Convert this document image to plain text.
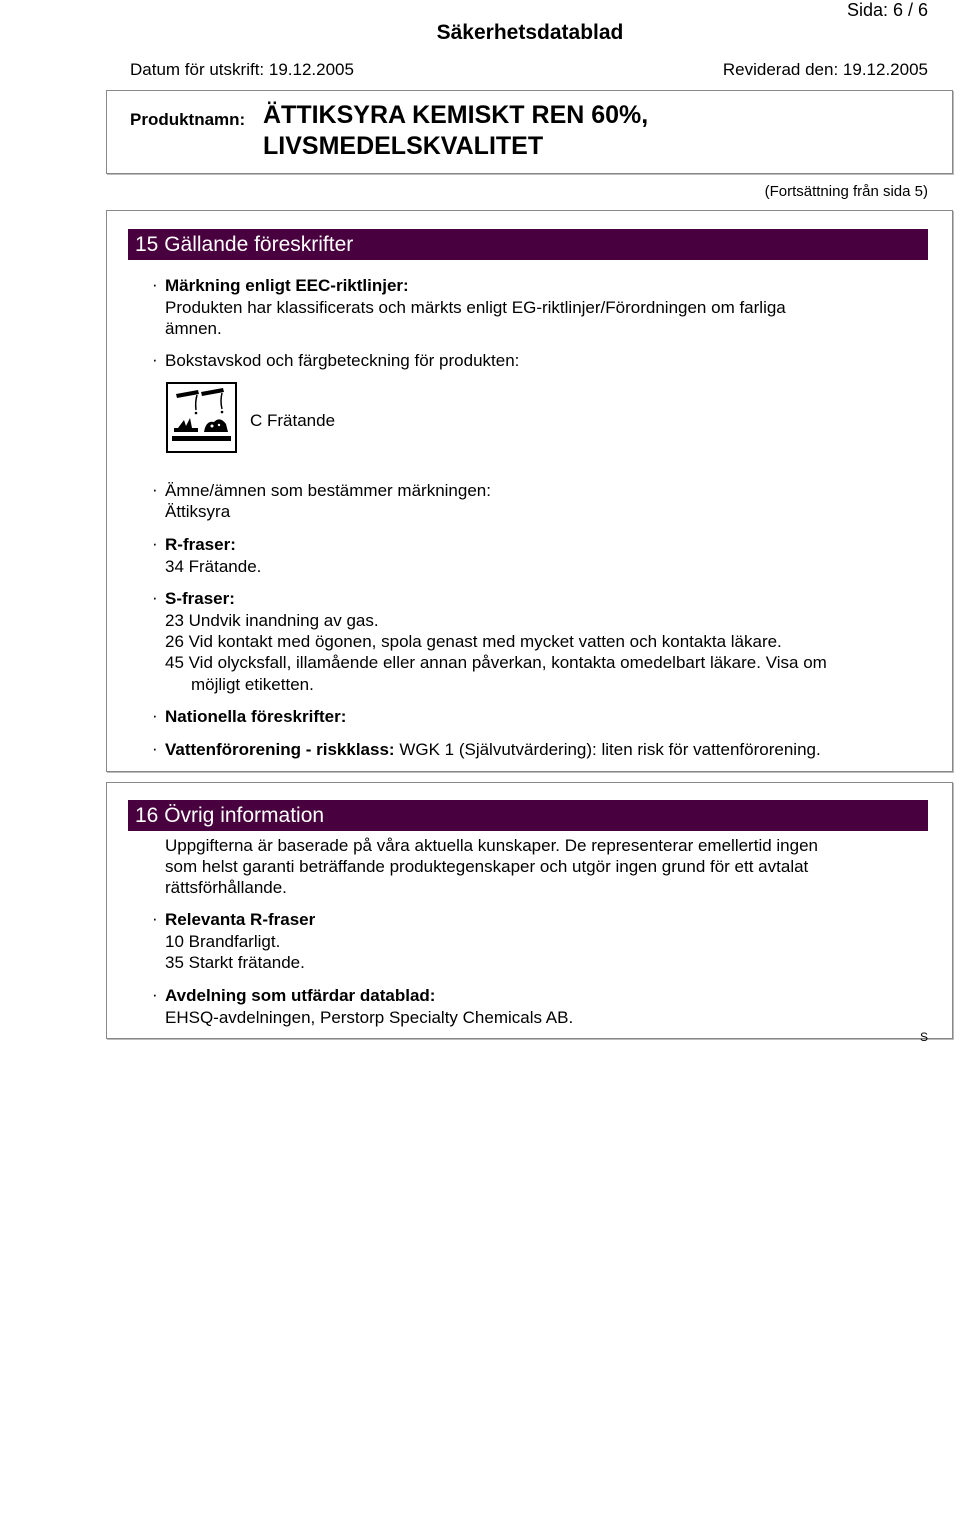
Sida: 6 / 6
Säkerhetsdatablad
Datum för utskrift: 19.12.2005	Reviderad den: 19.12.2005
Produktnamn: ÄTTIKSYRA KEMISKT REN 60%,
LIVSMEDELSKVALITET
(Fortsättning från sida 5)
15 Gällande föreskrifter
· Märkning enligt EEC-riktlinjer:
Produkten har klassificerats och märkts enligt EG-riktlinjer/Förordningen om farliga
ämnen.
· Bokstavskod och färgbeteckning för produkten:
C Frätande
· Ämne/ämnen som bestämmer märkningen:
Ättiksyra
· R-fraser:
34 Frätande.
· S-fraser:
23 Undvik inandning av gas.
26 Vid kontakt med ögonen, spola genast med mycket vatten och kontakta läkare.
45 Vid olycksfall, illamående eller annan påverkan, kontakta omedelbart läkare. Visa om
möjligt etiketten.
· Nationella föreskrifter:
· Vattenförorening - riskklass: WGK 1 (Självutvärdering): liten risk för vattenförorening.
16 Övrig information
Uppgifterna är baserade på våra aktuella kunskaper. De representerar emellertid ingen
som helst garanti beträffande produktegenskaper och utgör ingen grund för ett avtalat
rättsförhållande.
· Relevanta R-fraser
10 Brandfarligt.
35 Starkt frätande.
· Avdelning som utfärdar datablad:
EHSQ-avdelningen, Perstorp Specialty Chemicals AB.
S
